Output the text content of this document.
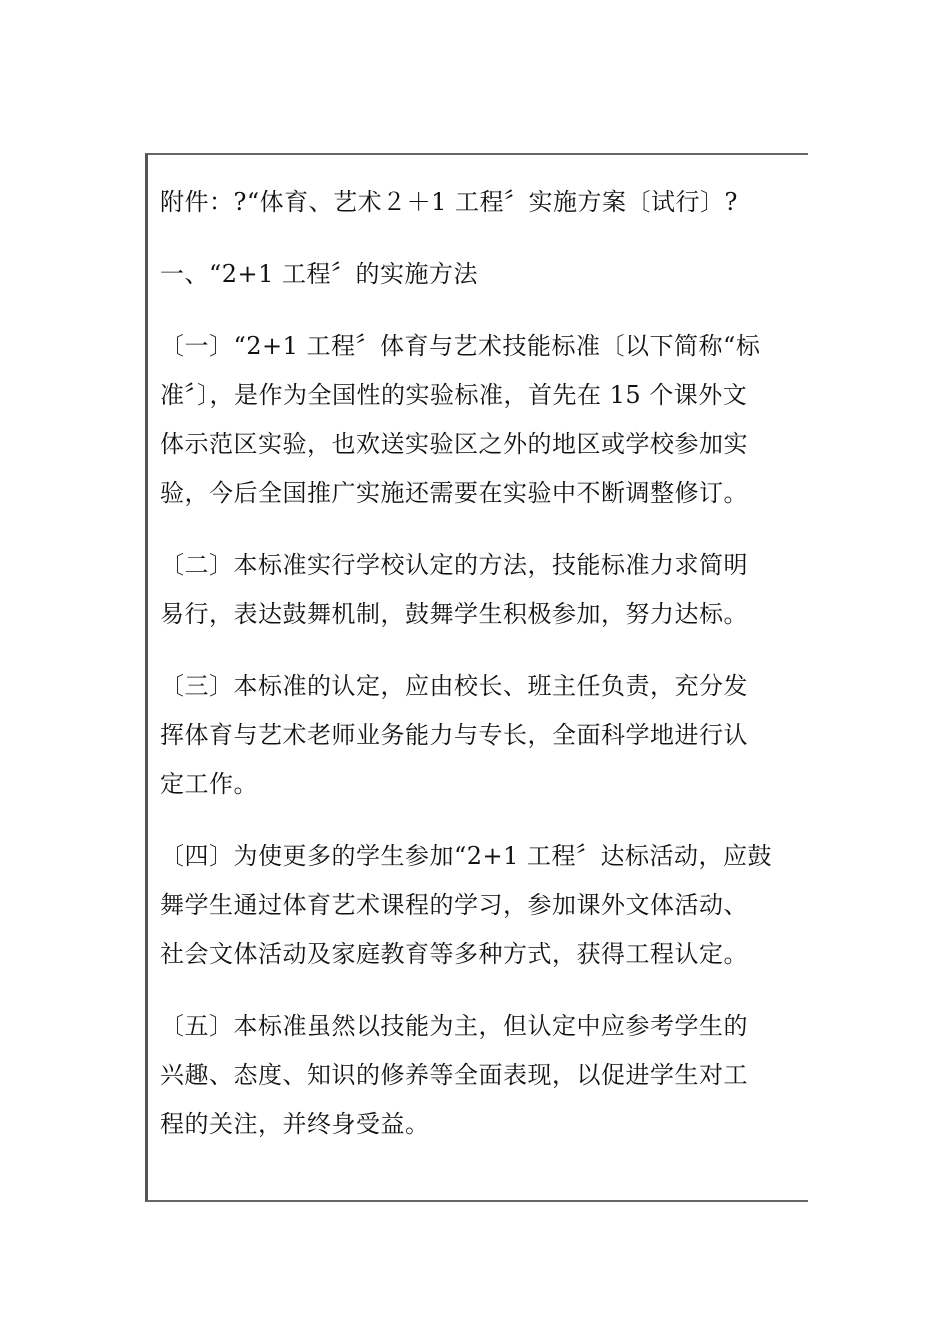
附件：?“体育、艺术２＋1 工程〞实施方案〔试行〕?

一、“2+1 工程〞的实施方法

〔一〕“2+1 工程〞体育与艺术技能标准〔以下简称“标

准〞〕，是作为全国性的实验标准，首先在 15 个课外文

体示范区实验，也欢送实验区之外的地区或学校参加实

验，今后全国推广实施还需要在实验中不断调整修订。

〔二〕本标准实行学校认定的方法，技能标准力求简明

易行，表达鼓舞机制，鼓舞学生积极参加，努力达标。

〔三〕本标准的认定，应由校长、班主任负责，充分发

挥体育与艺术老师业务能力与专长，全面科学地进行认

定工作。

〔四〕为使更多的学生参加“2+1 工程〞达标活动，应鼓

舞学生通过体育艺术课程的学习，参加课外文体活动、

社会文体活动及家庭教育等多种方式，获得工程认定。

〔五〕本标准虽然以技能为主，但认定中应参考学生的

兴趣、态度、知识的修养等全面表现，以促进学生对工

程的关注，并终身受益。
